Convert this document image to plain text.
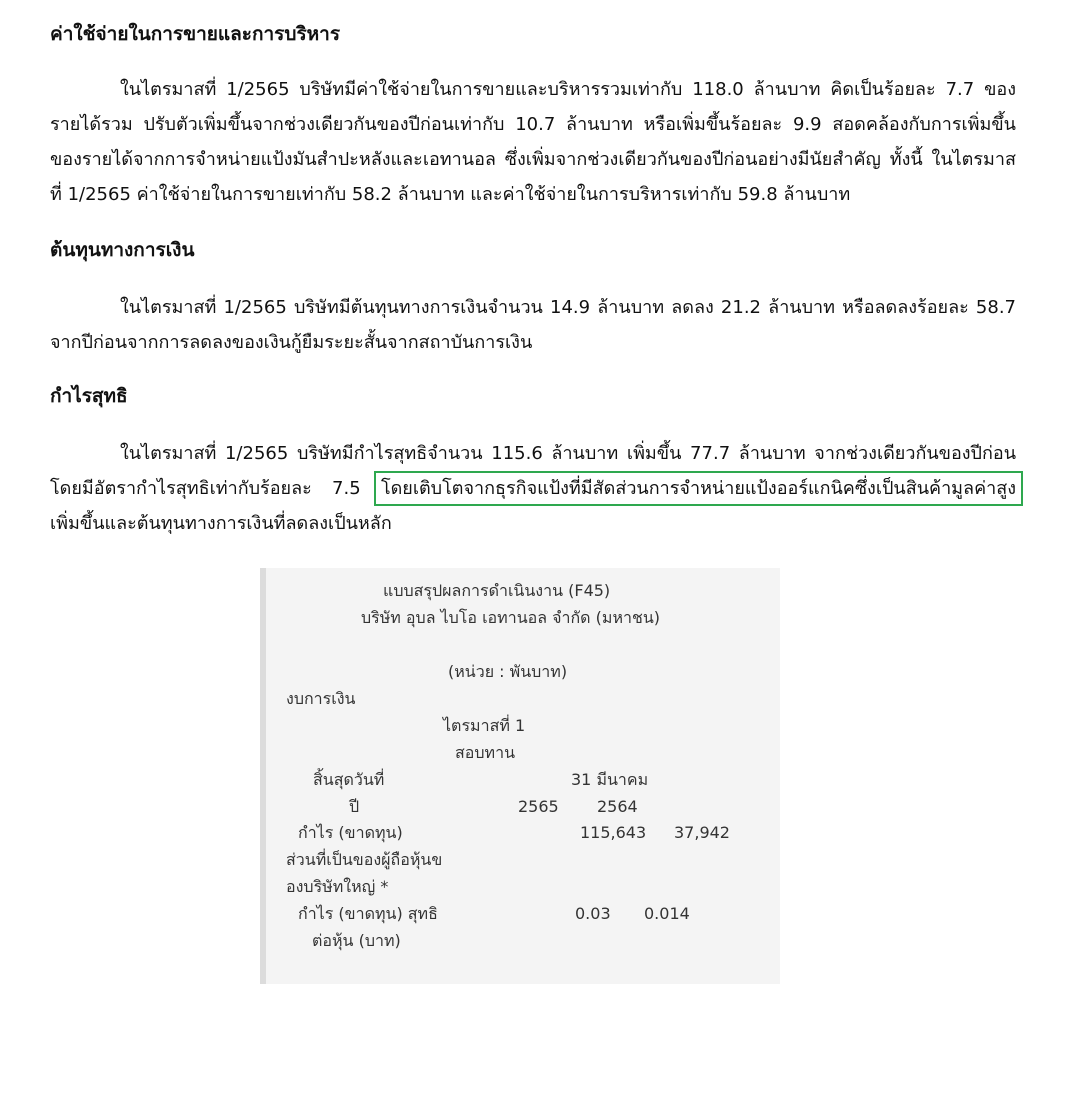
ค่าใช้จ่ายในการขายและการบริหาร

ในไตรมาสที่ 1/2565 บริษัทมีค่าใช้จ่ายในการขายและบริหารรวมเท่ากับ 118.0 ล้านบาท คิดเป็นร้อยละ 7.7 ของรายได้รวม ปรับตัวเพิ่มขึ้นจากช่วงเดียวกันของปีก่อนเท่ากับ 10.7 ล้านบาท หรือเพิ่มขึ้นร้อยละ 9.9 สอดคล้องกับการเพิ่มขึ้นของรายได้จากการจำหน่ายแป้งมันสำปะหลังและเอทานอล ซึ่งเพิ่มจากช่วงเดียวกันของปีก่อนอย่างมีนัยสำคัญ ทั้งนี้ ในไตรมาสที่ 1/2565 ค่าใช้จ่ายในการขายเท่ากับ 58.2 ล้านบาท และค่าใช้จ่ายในการบริหารเท่ากับ 59.8 ล้านบาท

ต้นทุนทางการเงิน

ในไตรมาสที่ 1/2565 บริษัทมีต้นทุนทางการเงินจำนวน 14.9 ล้านบาท ลดลง 21.2 ล้านบาท หรือลดลงร้อยละ 58.7 จากปีก่อนจากการลดลงของเงินกู้ยืมระยะสั้นจากสถาบันการเงิน

กำไรสุทธิ

ในไตรมาสที่ 1/2565 บริษัทมีกำไรสุทธิจำนวน 115.6 ล้านบาท เพิ่มขึ้น 77.7 ล้านบาท จากช่วงเดียวกันของปีก่อน โดยมีอัตรากำไรสุทธิเท่ากับร้อยละ 7.5 โดยเติบโตจากธุรกิจแป้งที่มีสัดส่วนการจำหน่ายแป้งออร์แกนิคซึ่งเป็นสินค้ามูลค่าสูง เพิ่มขึ้นและต้นทุนทางการเงินที่ลดลงเป็นหลัก

แบบสรุปผลการดำเนินงาน (F45)
บริษัท อุบล ไบโอ เอทานอล จำกัด (มหาชน)
(หน่วย : พันบาท)
งบการเงิน
ไตรมาสที่ 1
สอบทาน
สิ้นสุดวันที่	31 มีนาคม
ปี	2565 2564
กำไร (ขาดทุน)	115,643 37,942
ส่วนที่เป็นของผู้ถือหุ้นข
องบริษัทใหญ่ *
กำไร (ขาดทุน) สุทธิ	0.03 0.014
ต่อหุ้น (บาท)
